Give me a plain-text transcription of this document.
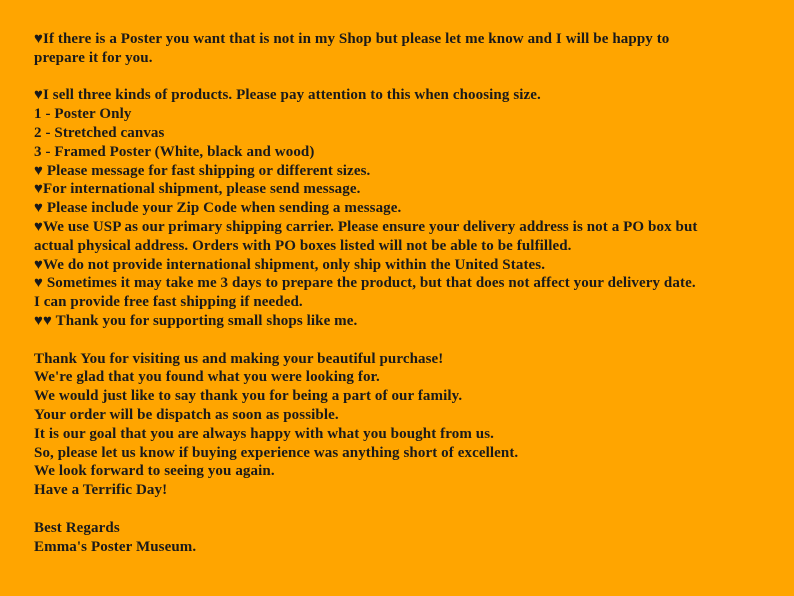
♥If there is a Poster you want that is not in my Shop but please let me know and I will be happy to

prepare it for you.

♥I sell three kinds of products. Please pay attention to this when choosing size.

1 - Poster Only

2 - Stretched canvas

3 - Framed Poster (White, black and wood)

♥ Please message for fast shipping or different sizes.

♥For international shipment, please send message.

♥ Please include your Zip Code when sending a message.

♥We use USP as our primary shipping carrier. Please ensure your delivery address is not a PO box but

actual physical address. Orders with PO boxes listed will not be able to be fulfilled.

♥We do not provide international shipment, only ship within the United States.

♥ Sometimes it may take me 3 days to prepare the product, but that does not affect your delivery date.

I can provide free fast shipping if needed.

♥♥ Thank you for supporting small shops like me.

Thank You for visiting us and making your beautiful purchase!

We're glad that you found what you were looking for.

We would just like to say thank you for being a part of our family.

Your order will be dispatch as soon as possible.

It is our goal that you are always happy with what you bought from us.

So, please let us know if buying experience was anything short of excellent.

We look forward to seeing you again.

Have a Terrific Day!

Best Regards

Emma's Poster Museum.
